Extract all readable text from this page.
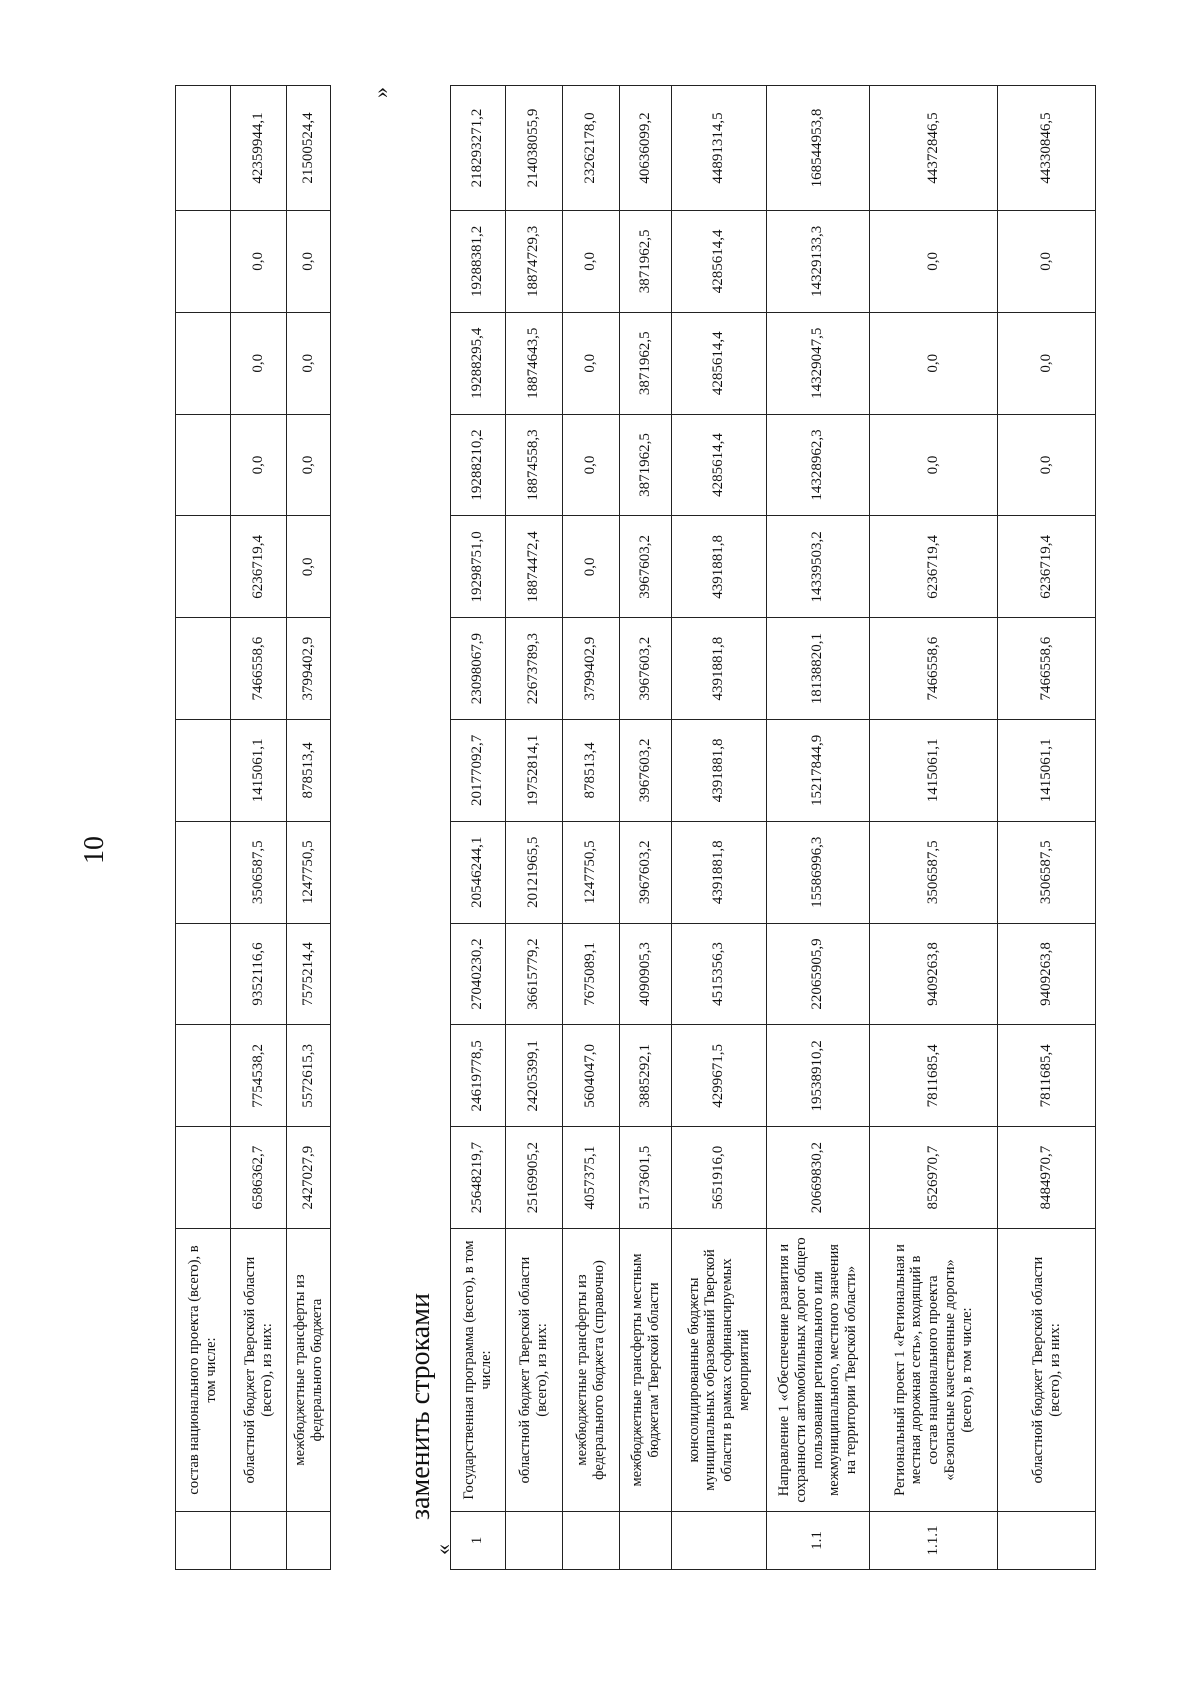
10
	состав национального проекта (всего), в том числе:											
	областной бюджет Тверской области (всего), из них:	6586362,7	7754538,2	9352116,6	3506587,5	1415061,1	7466558,6	6236719,4	0,0	0,0	0,0	42359944,1
	межбюджетные трансферты из федерального бюджета	2427027,9	5572615,3	7575214,4	1247750,5	878513,4	3799402,9	0,0	0,0	0,0	0,0	21500524,4
заменить строками
«
»
1	Государственная программа (всего), в том числе:	25648219,7	24619778,5	27040230,2	20546244,1	20177092,7	23098067,9	19298751,0	19288210,2	19288295,4	19288381,2	218293271,2
	областной бюджет Тверской области (всего), из них:	25169905,2	24205399,1	36615779,2	20121965,5	19752814,1	22673789,3	18874472,4	18874558,3	18874643,5	18874729,3	214038055,9
	межбюджетные трансферты из федерального бюджета (справочно)	4057375,1	5604047,0	7675089,1	1247750,5	878513,4	3799402,9	0,0	0,0	0,0	0,0	23262178,0
	межбюджетные трансферты местным бюджетам Тверской области	5173601,5	3885292,1	4090905,3	3967603,2	3967603,2	3967603,2	3967603,2	3871962,5	3871962,5	3871962,5	40636099,2
	консолидированные бюджеты муниципальных образований Тверской области в рамках софинансируемых мероприятий	5651916,0	4299671,5	4515356,3	4391881,8	4391881,8	4391881,8	4391881,8	4285614,4	4285614,4	4285614,4	44891314,5
1.1	Направление 1 «Обеспечение развития и сохранности автомобильных дорог общего пользования регионального или межмуниципального, местного значения на территории Тверской области»	20669830,2	19538910,2	22065905,9	15586996,3	15217844,9	18138820,1	14339503,2	14328962,3	14329047,5	14329133,3	168544953,8
1.1.1	Региональный проект 1 «Региональная и местная дорожная сеть», входящий в состав национального проекта «Безопасные качественные дороги» (всего), в том числе:	8526970,7	7811685,4	9409263,8	3506587,5	1415061,1	7466558,6	6236719,4	0,0	0,0	0,0	44372846,5
	областной бюджет Тверской области (всего), из них:	8484970,7	7811685,4	9409263,8	3506587,5	1415061,1	7466558,6	6236719,4	0,0	0,0	0,0	44330846,5
